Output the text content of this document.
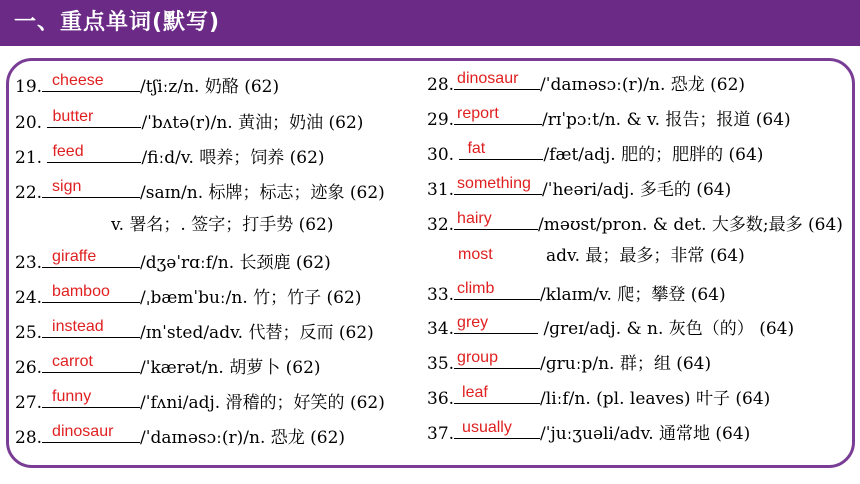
一、重点单词(默写)
19. cheese /tʃiːz/n. 奶酪 (62)
20. butter	/ˈbʌtə(r)/n. 黄油；奶油 (62)
21. feed	/fiːd/v. 喂养；饲养 (62)
22. sign	/saɪn/n. 标牌；标志；迹象 (62)
v. 署名；. 签字；打手势 (62)
23. giraffe	/dʒəˈrɑːf/n. 长颈鹿 (62)
24. bamboo /ˌbæmˈbuː/n. 竹；竹子 (62)
25. instead /ɪnˈsted/adv. 代替；反而 (62)
26. carrot	/ˈkærət/n. 胡萝卜 (62)
27. funny	/ˈfʌni/adj. 滑稽的；好笑的 (62)
28. dinosaur /ˈdaɪnəsɔː(r)/n. 恐龙 (62)
28. dinosaur /ˈdaɪnəsɔː(r)/n. 恐龙 (62)
29. report	/rɪˈpɔːt/n. & v. 报告；报道 (64)
30. fat	/fæt/adj. 肥的；肥胖的 (64)
31. something /ˈheəri/adj. 多毛的 (64)
32. hairy	/məʊst/pron. & det. 大多数;最多 (64)
most	adv. 最；最多；非常 (64)
33. climb	/klaɪm/v. 爬；攀登 (64)
34. grey	/ɡreɪ/adj. & n. 灰色（的） (64)
35. group /ɡruːp/n. 群；组 (64)
36. leaf	/liːf/n. (pl. leaves) 叶子 (64)
37. usually /ˈjuːʒuəli/adv. 通常地 (64)
